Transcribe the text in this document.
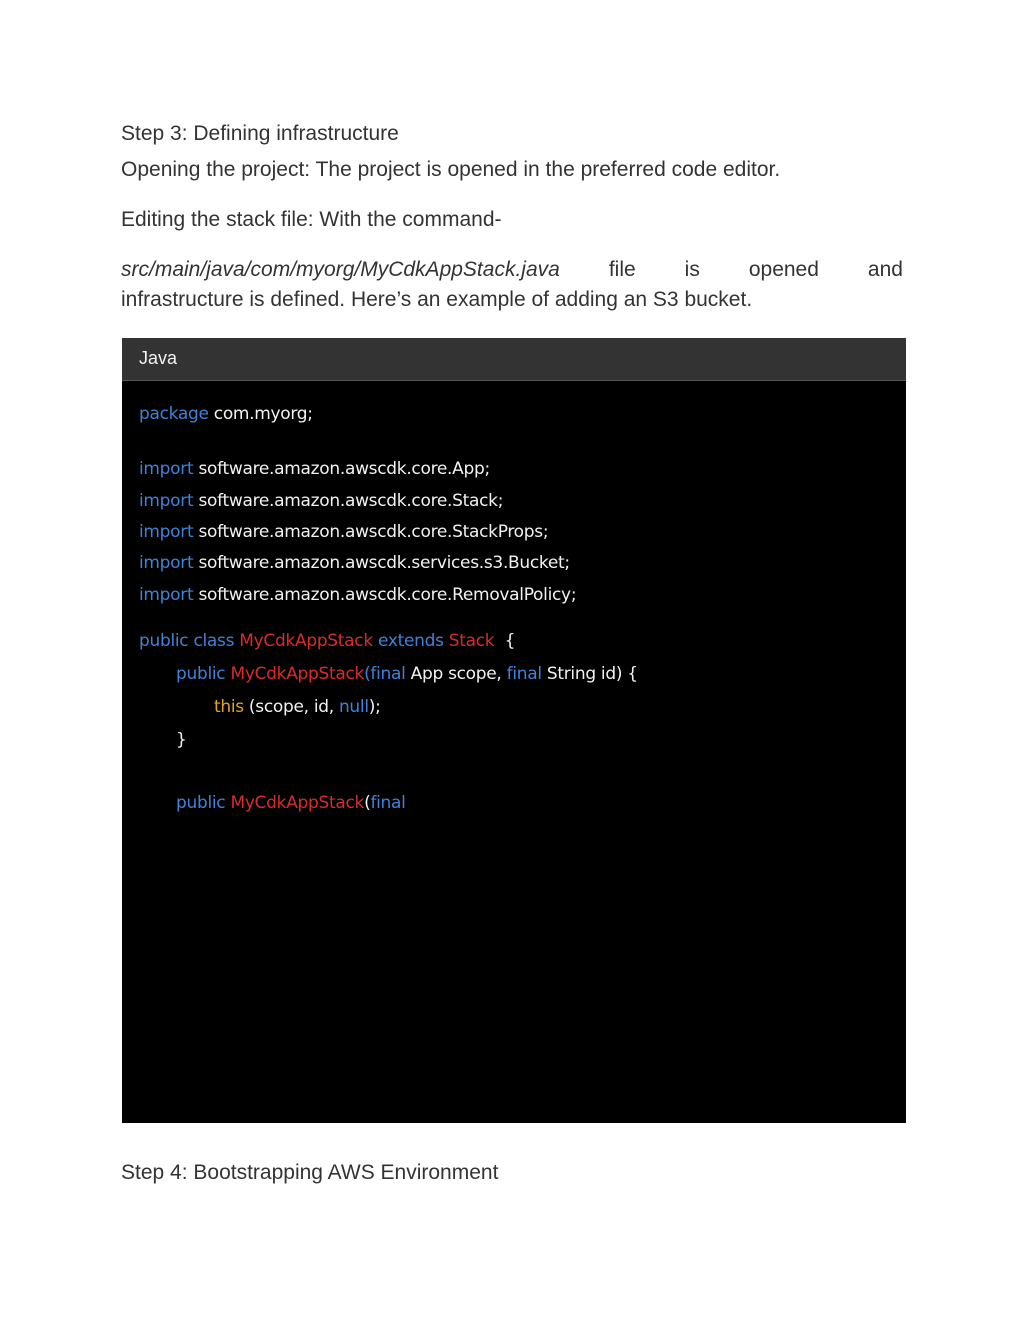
Step 3: Defining infrastructure
Opening the project: The project is opened in the preferred code editor.
Editing the stack file: With the command-
src/main/java/com/myorg/MyCdkAppStack.java file is opened and
infrastructure is defined. Here’s an example of adding an S3 bucket.
Step 4: Bootstrapping AWS Environment
Java
package com.myorg;
import software.amazon.awscdk.core.App;
import software.amazon.awscdk.core.Stack;
import software.amazon.awscdk.core.StackProps;
import software.amazon.awscdk.services.s3.Bucket;
import software.amazon.awscdk.core.RemovalPolicy;
public class MyCdkAppStack extends Stack  {
public MyCdkAppStack(final App scope, final String id) {
this (scope, id, null);
}
public MyCdkAppStack(final
